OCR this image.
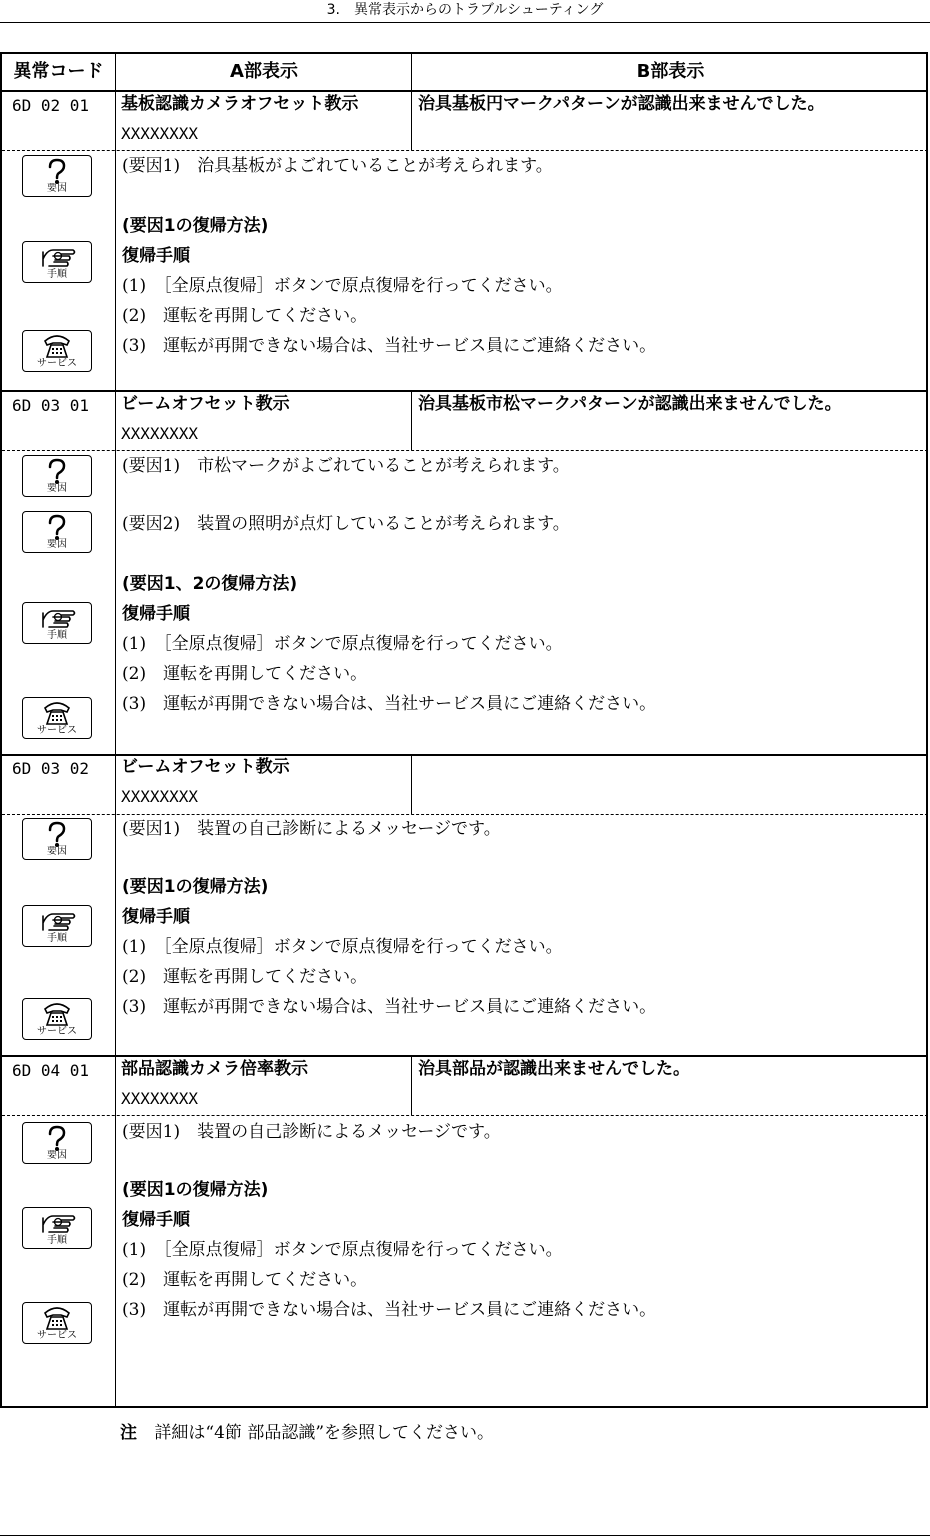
3.　異常表示からのトラブルシューティング
異常コード	A部表示	B部表示
6D 02 01 基板認識カメラオフセット教示
XXXXXXXX
治具基板円マークパターンが認識出来ませんでした。
(要因1)　治具基板がよごれていることが考えられます。
(要因1の復帰方法)
復帰手順
(1)　［全原点復帰］ボタンで原点復帰を行ってください。
(2)　運転を再開してください。
(3)　運転が再開できない場合は、当社サービス員にご連絡ください。
要因
手順
サービス
6D 03 01 ビームオフセット教示
XXXXXXXX
治具基板市松マークパターンが認識出来ませんでした。
(要因1)　市松マークがよごれていることが考えられます。
(要因2)　装置の照明が点灯していることが考えられます。
(要因1、2の復帰方法)
復帰手順
(1)　［全原点復帰］ボタンで原点復帰を行ってください。
(2)　運転を再開してください。
(3)　運転が再開できない場合は、当社サービス員にご連絡ください。
要因
要因
手順
サービス
6D 03 02 ビームオフセット教示
XXXXXXXX
(要因1)　装置の自己診断によるメッセージです。
(要因1の復帰方法)
復帰手順
(1)　［全原点復帰］ボタンで原点復帰を行ってください。
(2)　運転を再開してください。
(3)　運転が再開できない場合は、当社サービス員にご連絡ください。
要因
手順
サービス
6D 04 01 部品認識カメラ倍率教示
XXXXXXXX
治具部品が認識出来ませんでした。
(要因1)　装置の自己診断によるメッセージです。
(要因1の復帰方法)
復帰手順
(1)　［全原点復帰］ボタンで原点復帰を行ってください。
(2)　運転を再開してください。
(3)　運転が再開できない場合は、当社サービス員にご連絡ください。
要因
手順
サービス
注 詳細は“4節 部品認識”を参照してください。
